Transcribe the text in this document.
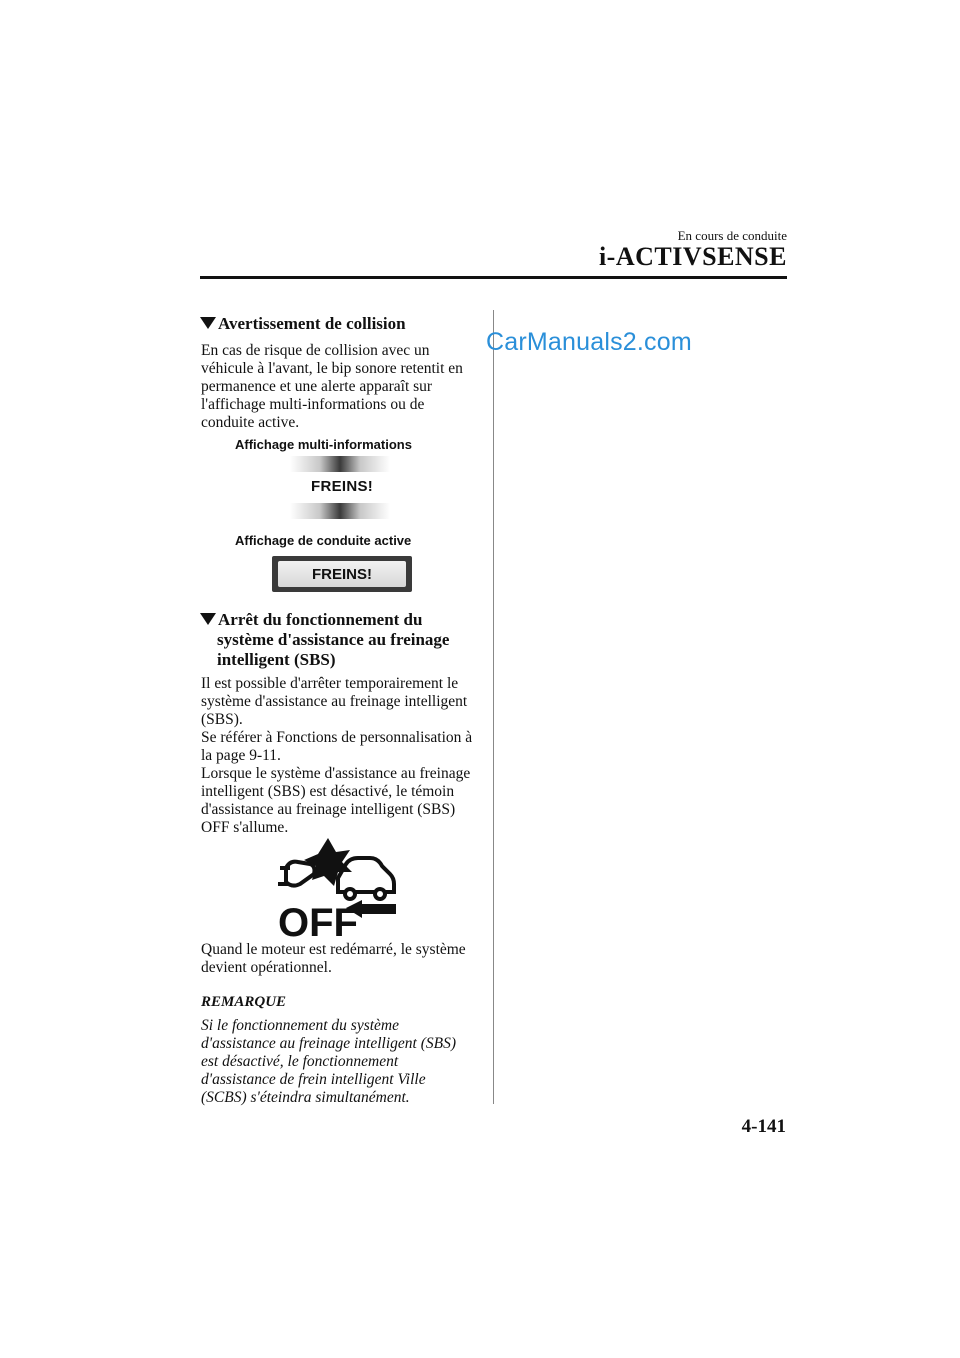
En cours de conduite
i-ACTIVSENSE
CarManuals2.com
Avertissement de collision
En cas de risque de collision avec un véhicule à l'avant, le bip sonore retentit en permanence et une alerte apparaît sur l'affichage multi-informations ou de conduite active.
Affichage multi-informations
FREINS!
Affichage de conduite active
FREINS!
Arrêt du fonctionnement du
système d'assistance au freinage
intelligent (SBS)
Il est possible d'arrêter temporairement le système d'assistance au freinage intelligent (SBS).
Se référer à Fonctions de personnalisation à la page 9-11.
Lorsque le système d'assistance au freinage intelligent (SBS) est désactivé, le témoin d'assistance au freinage intelligent (SBS) OFF s'allume.
OFF
Quand le moteur est redémarré, le système devient opérationnel.
REMARQUE
Si le fonctionnement du système d'assistance au freinage intelligent (SBS) est désactivé, le fonctionnement d'assistance de frein intelligent Ville (SCBS) s'éteindra simultanément.
4-141
